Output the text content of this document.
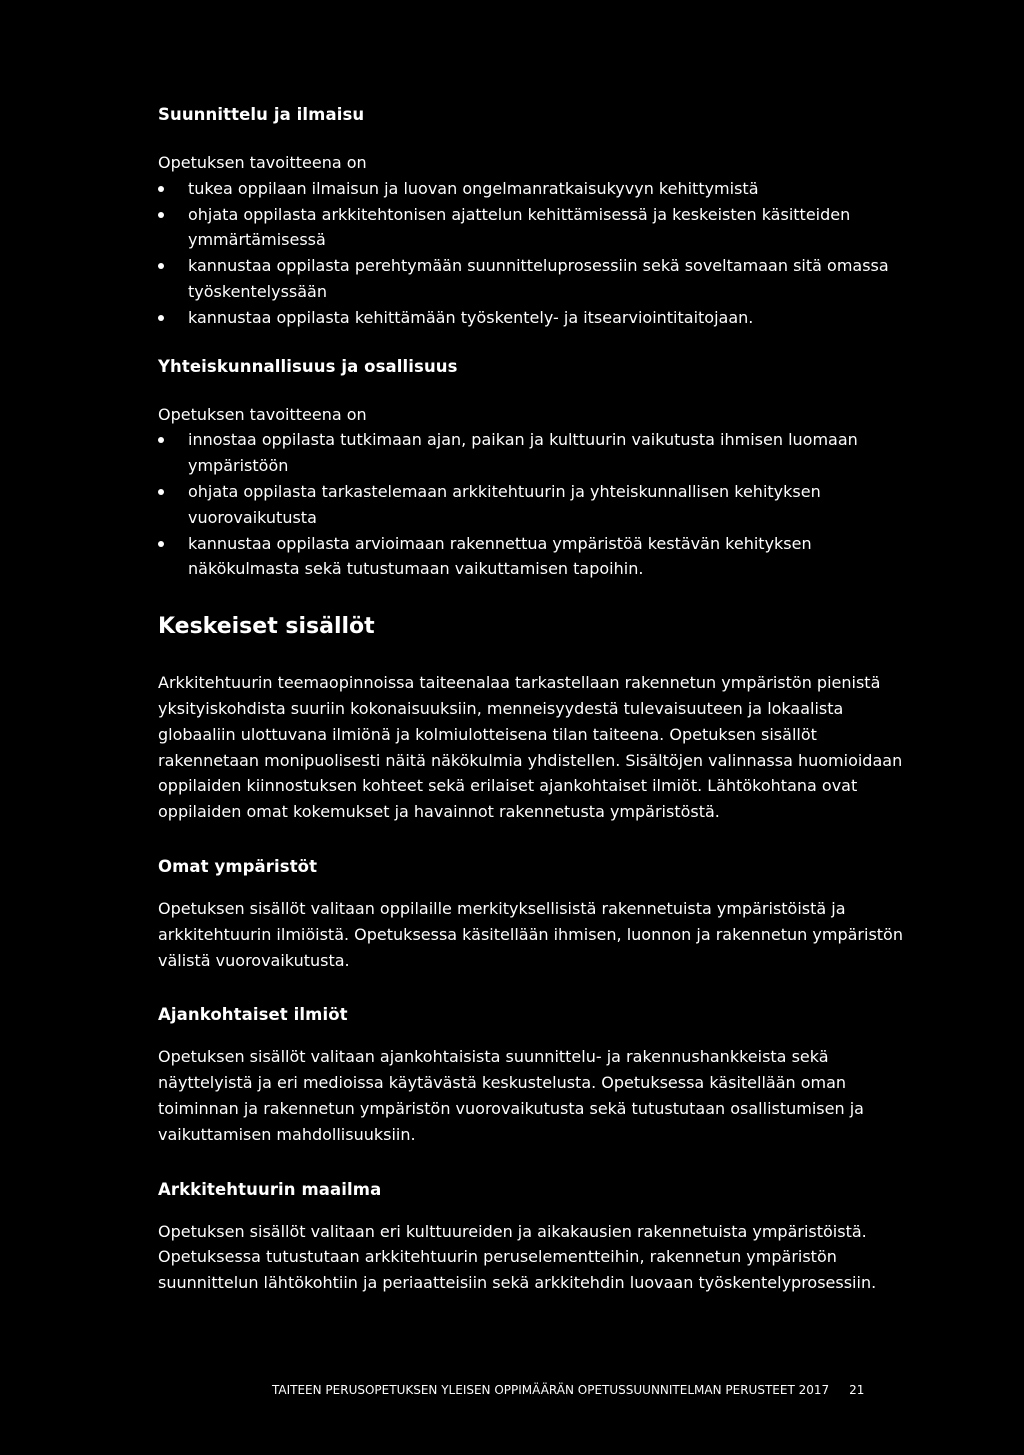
Suunnittelu ja ilmaisu

Opetuksen tavoitteena on

tukea oppilaan ilmaisun ja luovan ongelmanratkaisukyvyn kehittymistä
ohjata oppilasta arkkitehtonisen ajattelun kehittämisessä ja keskeisten käsitteiden ymmärtämisessä
kannustaa oppilasta perehtymään suunnitteluprosessiin sekä soveltamaan sitä omassa työskentelyssään
kannustaa oppilasta kehittämään työskentely- ja itsearviointitaitojaan.
Yhteiskunnallisuus ja osallisuus

Opetuksen tavoitteena on

innostaa oppilasta tutkimaan ajan, paikan ja kulttuurin vaikutusta ihmisen luomaan ympäristöön
ohjata oppilasta tarkastelemaan arkkitehtuurin ja yhteiskunnallisen kehityksen vuorovaikutusta
kannustaa oppilasta arvioimaan rakennettua ympäristöä kestävän kehityksen näkökulmasta sekä tutustumaan vaikuttamisen tapoihin.
Keskeiset sisällöt

Arkkitehtuurin teemaopinnoissa taiteenalaa tarkastellaan rakennetun ympäristön pienistä yksityiskohdista suuriin kokonaisuuksiin, menneisyydestä tulevaisuuteen ja lokaalista globaaliin ulottuvana ilmiönä ja kolmiulotteisena tilan taiteena. Opetuksen sisällöt rakennetaan monipuolisesti näitä näkökulmia yhdistellen. Sisältöjen valinnassa huomioidaan oppilaiden kiinnostuksen kohteet sekä erilaiset ajankohtaiset ilmiöt. Lähtökohtana ovat oppilaiden omat kokemukset ja havainnot rakennetusta ympäristöstä.

Omat ympäristöt

Opetuksen sisällöt valitaan oppilaille merkityksellisistä rakennetuista ympäristöistä ja arkkitehtuurin ilmiöistä. Opetuksessa käsitellään ihmisen, luonnon ja rakennetun ympäristön välistä vuorovaikutusta.

Ajankohtaiset ilmiöt

Opetuksen sisällöt valitaan ajankohtaisista suunnittelu- ja rakennushankkeista sekä näyttelyistä ja eri medioissa käytävästä keskustelusta. Opetuksessa käsitellään oman toiminnan ja rakennetun ympäristön vuorovaikutusta sekä tutustutaan osallistumisen ja vaikuttamisen mahdollisuuksiin.

Arkkitehtuurin maailma

Opetuksen sisällöt valitaan eri kulttuureiden ja aikakausien rakennetuista ympäristöistä. Opetuksessa tutustutaan arkkitehtuurin peruselementteihin, rakennetun ympäristön suunnittelun lähtökohtiin ja periaatteisiin sekä arkkitehdin luovaan työskentelyprosessiin.

TAITEEN PERUSOPETUKSEN YLEISEN OPPIMÄÄRÄN OPETUSSUUNNITELMAN PERUSTEET 2017 21
